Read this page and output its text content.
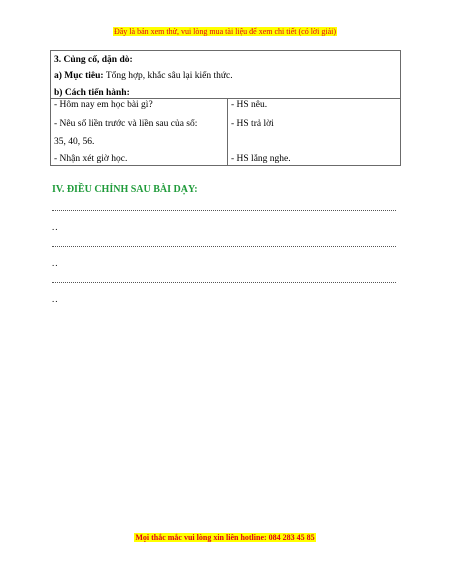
Đây là bản xem thử, vui lòng mua tài liệu để xem chi tiết (có lời giải)
3. Củng cố, dặn dò:
a) Mục tiêu: Tổng hợp, khắc sâu lại kiến thức.
b) Cách tiến hành:
- Hôm nay em học bài gì?
- Nêu số liền trước và liền sau của số:
35, 40, 56.
- Nhận xét giờ học.
- HS nêu.
- HS trả lời
- HS lắng nghe.
IV. ĐIỀU CHỈNH SAU BÀI DẠY:
..
..
..
Mọi thắc mắc vui lòng xin liên hotline: 084 283 45 85
